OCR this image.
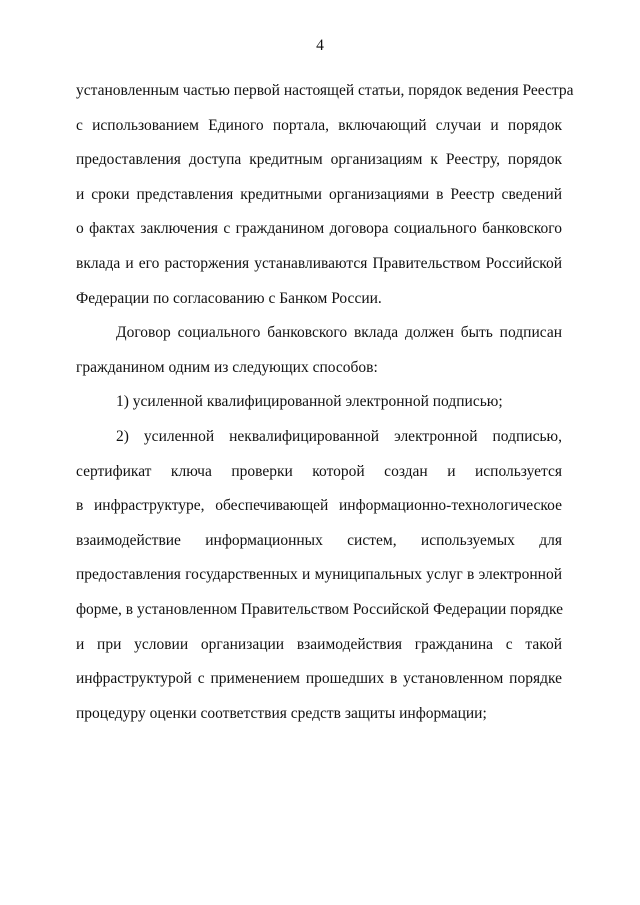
4
установленным частью первой настоящей статьи, порядок ведения Реестра
с использованием Единого портала, включающий случаи и порядок
предоставления доступа кредитным организациям к Реестру, порядок
и сроки представления кредитными организациями в Реестр сведений
о фактах заключения с гражданином договора социального банковского
вклада и его расторжения устанавливаются Правительством Российской
Федерации по согласованию с Банком России.
Договор социального банковского вклада должен быть подписан
гражданином одним из следующих способов:
1) усиленной квалифицированной электронной подписью;
2) усиленной неквалифицированной электронной подписью,
сертификат ключа проверки которой создан и используется
в инфраструктуре, обеспечивающей информационно-технологическое
взаимодействие информационных систем, используемых для
предоставления государственных и муниципальных услуг в электронной
форме, в установленном Правительством Российской Федерации порядке
и при условии организации взаимодействия гражданина с такой
инфраструктурой с применением прошедших в установленном порядке
процедуру оценки соответствия средств защиты информации;
